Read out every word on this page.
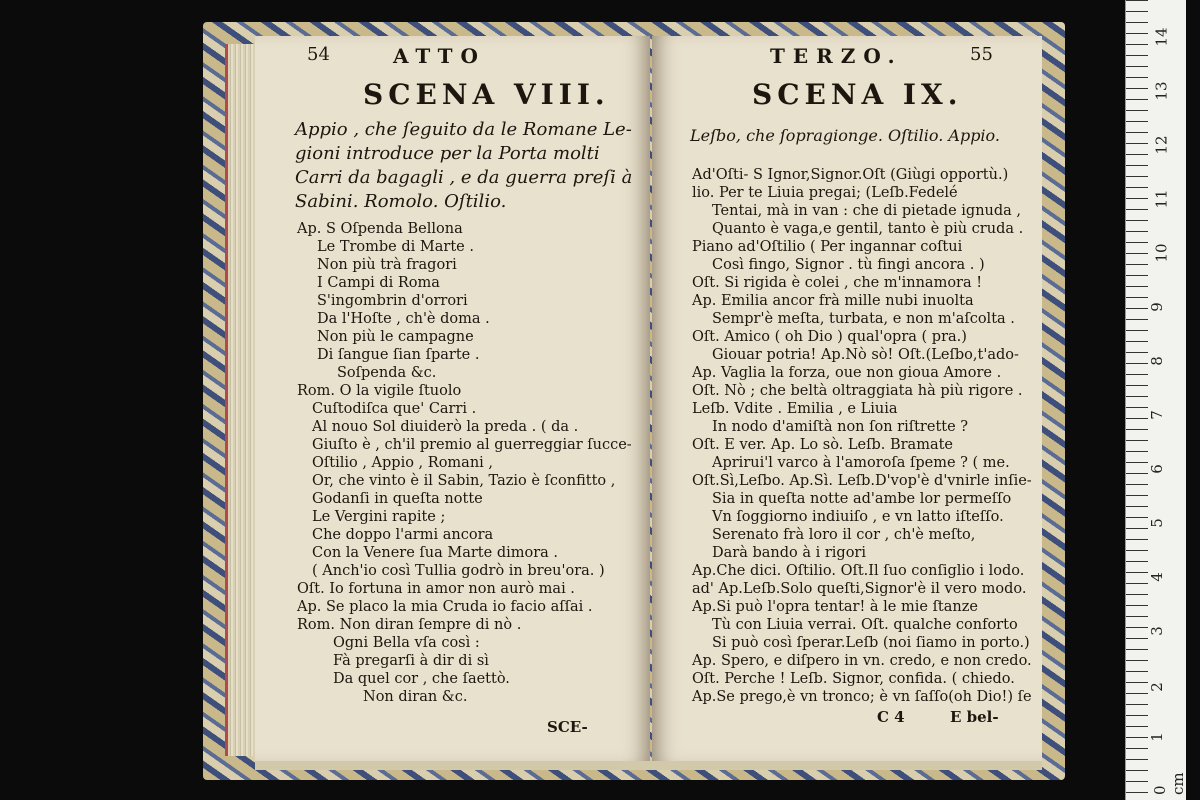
54	ATTO
SCENA VIII.
Appio , che ſeguito da le Romane Le-
gioni introduce per la Porta molti
Carri da bagagli , e da guerra preſi à
Sabini. Romolo. Oſtilio.
Ap. S Oſpenda Bellona
Le Trombe di Marte .
Non più trà fragori
I Campi di Roma
S'ingombrin d'orrori
Da l'Hoſte , ch'è doma .
Non più le campagne
Di ſangue ſian ſparte .
Soſpenda &c.
Rom. O la vigile ſtuolo
Cuſtodiſca que' Carri .
Al nouo Sol diuiderò la preda . ( da .
Giuſto è , ch'il premio al guerreggiar ſucce-
Oſtilio , Appio , Romani ,
Or, che vinto è il Sabin, Tazio è ſconfitto ,
Godanſi in queſta notte
Le Vergini rapite ;
Che doppo l'armi ancora
Con la Venere ſua Marte dimora .
( Anch'io così Tullia godrò in breu'ora. )
Oſt. Io fortuna in amor non aurò mai .
Ap. Se placo la mia Cruda io facio aſſai .
Rom. Non diran ſempre di nò .
Ogni Bella vſa così :
Fà pregarſi à dir di sì
Da quel cor , che ſaettò.
Non diran &c.
SCE-
TERZO.	55
SCENA IX.
Leſbo, che ſopragionge. Oſtilio. Appio.
Ad'Oſti- S Ignor,Signor.Oſt (Giùgi opportù.)
lio. Per te Liuia pregai; (Leſb.Fedelé
Tentai, mà in van : che di pietade ignuda ,
Quanto è vaga,e gentil, tanto è più cruda .
Piano ad'Oſtilio ( Per ingannar coſtui
Così fingo, Signor . tù fingi ancora . )
Oſt. Si rigida è colei , che m'innamora !
Ap. Emilia ancor frà mille nubi inuolta
Sempr'è meſta, turbata, e non m'aſcolta .
Oſt. Amico ( oh Dio ) qual'opra ( pra.)
Giouar potria! Ap.Nò sò! Oſt.(Leſbo,t'ado-
Ap. Vaglia la forza, oue non gioua Amore .
Oſt. Nò ; che beltà oltraggiata hà più rigore .
Leſb. Vdite . Emilia , e Liuia
In nodo d'amiſtà non ſon riſtrette ?
Oſt. E ver. Ap. Lo sò. Leſb. Bramate
Aprirui'l varco à l'amoroſa ſpeme ? ( me.
Oſt.Sì,Leſbo. Ap.Sì. Leſb.D'vop'è d'vnirle inſie-
Sia in queſta notte ad'ambe lor permeſſo
Vn ſoggiorno indiuiſo , e vn latto iſteſſo.
Serenato frà loro il cor , ch'è meſto,
Darà bando à i rigori
Ap.Che dici. Oſtilio. Oſt.Il ſuo conſiglio i lodo.
ad' Ap.Leſb.Solo queſti,Signor'è il vero modo.
Ap.Si può l'opra tentar! à le mie ſtanze
Tù con Liuia verrai. Oſt. qualche conforto
Si può così ſperar.Leſb (noi ſiamo in porto.)
Ap. Spero, e diſpero in vn. credo, e non credo.
Oſt. Perche ! Leſb. Signor, confida. ( chiedo.
Ap.Se prego,è vn tronco; è vn ſaſſo(oh Dio!) ſe
C 4	E bel-
0 cm
1
2
3
4
5
6
7
8
9
10
11
12
13
14
